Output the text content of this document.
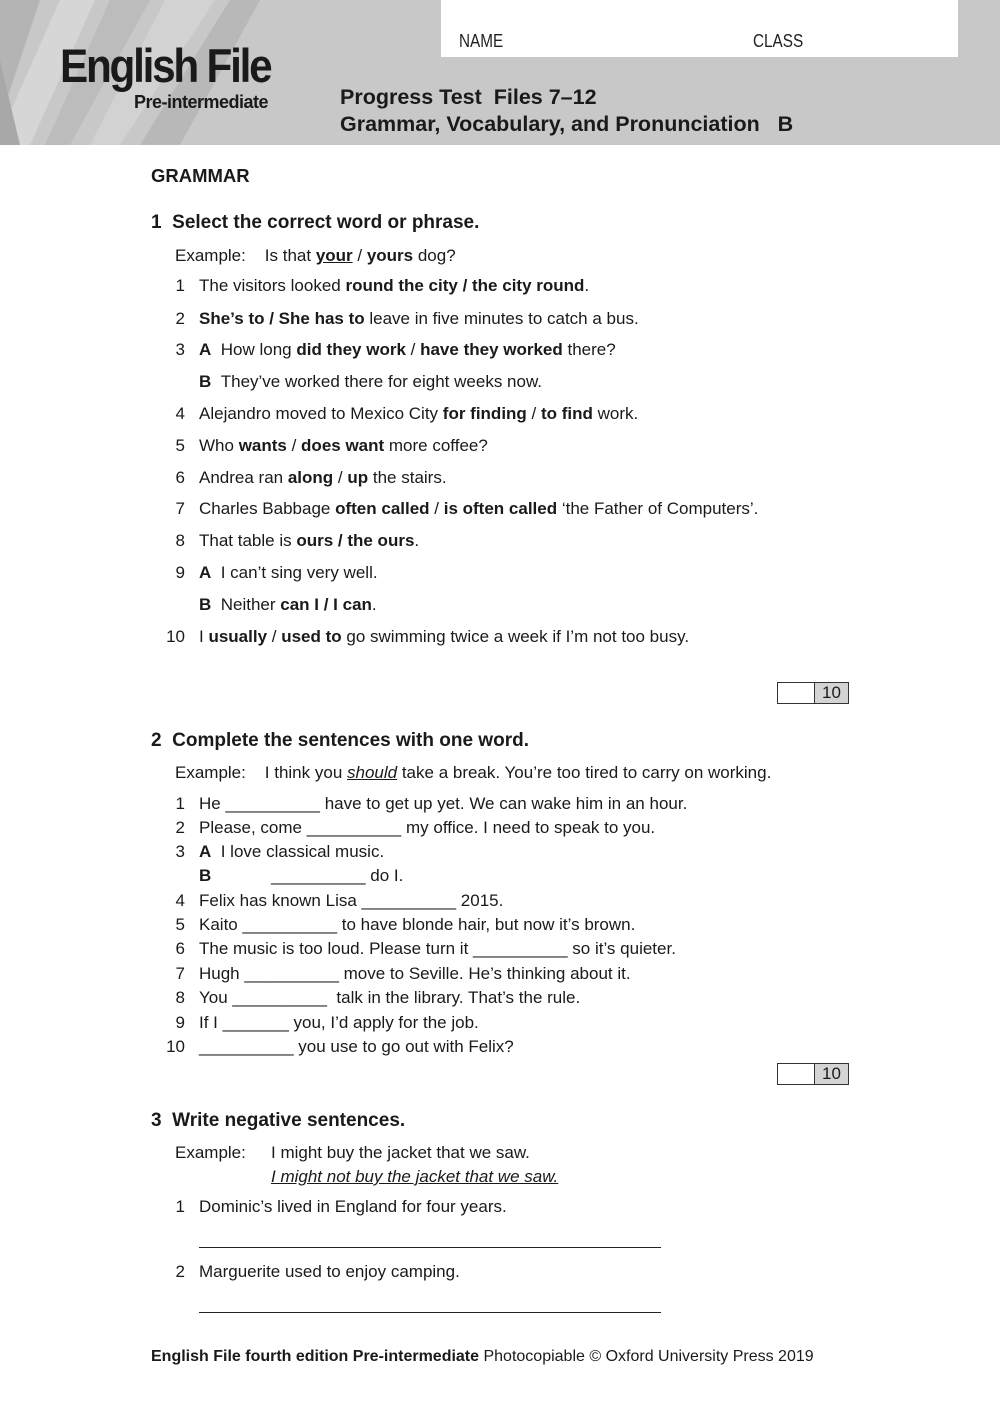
English File
Pre-intermediate
NAME	CLASS
Progress Test  Files 7–12
Grammar, Vocabulary, and Pronunciation   B
GRAMMAR
1 Select the correct word or phrase.
Example: Is that your / yours dog?
1 The visitors looked round the city / the city round.
2 She’s to / She has to leave in five minutes to catch a bus.
3 A How long did they work / have they worked there?
B They’ve worked there for eight weeks now.
4 Alejandro moved to Mexico City for finding / to find work.
5 Who wants / does want more coffee?
6 Andrea ran along / up the stairs.
7 Charles Babbage often called / is often called ‘the Father of Computers’.
8 That table is ours / the ours.
9 A I can’t sing very well.
B Neither can I / I can.
10 I usually / used to go swimming twice a week if I’m not too busy.
10
2 Complete the sentences with one word.
Example: I think you should take a break. You’re too tired to carry on working.
1 He __________ have to get up yet. We can wake him in an hour.
2 Please, come __________ my office. I need to speak to you.
3 A I love classical music.
B	__________ do I.
4 Felix has known Lisa __________ 2015.
5 Kaito __________ to have blonde hair, but now it’s brown.
6 The music is too loud. Please turn it __________ so it’s quieter.
7 Hugh __________ move to Seville. He’s thinking about it.
8 You __________  talk in the library. That’s the rule.
9 If I _______ you, I’d apply for the job.
10 __________ you use to go out with Felix?
10
3 Write negative sentences.
Example: I might buy the jacket that we saw.
I might not buy the jacket that we saw.
1 Dominic’s lived in England for four years.
2 Marguerite used to enjoy camping.
English File fourth edition Pre-intermediate Photocopiable © Oxford University Press 2019
